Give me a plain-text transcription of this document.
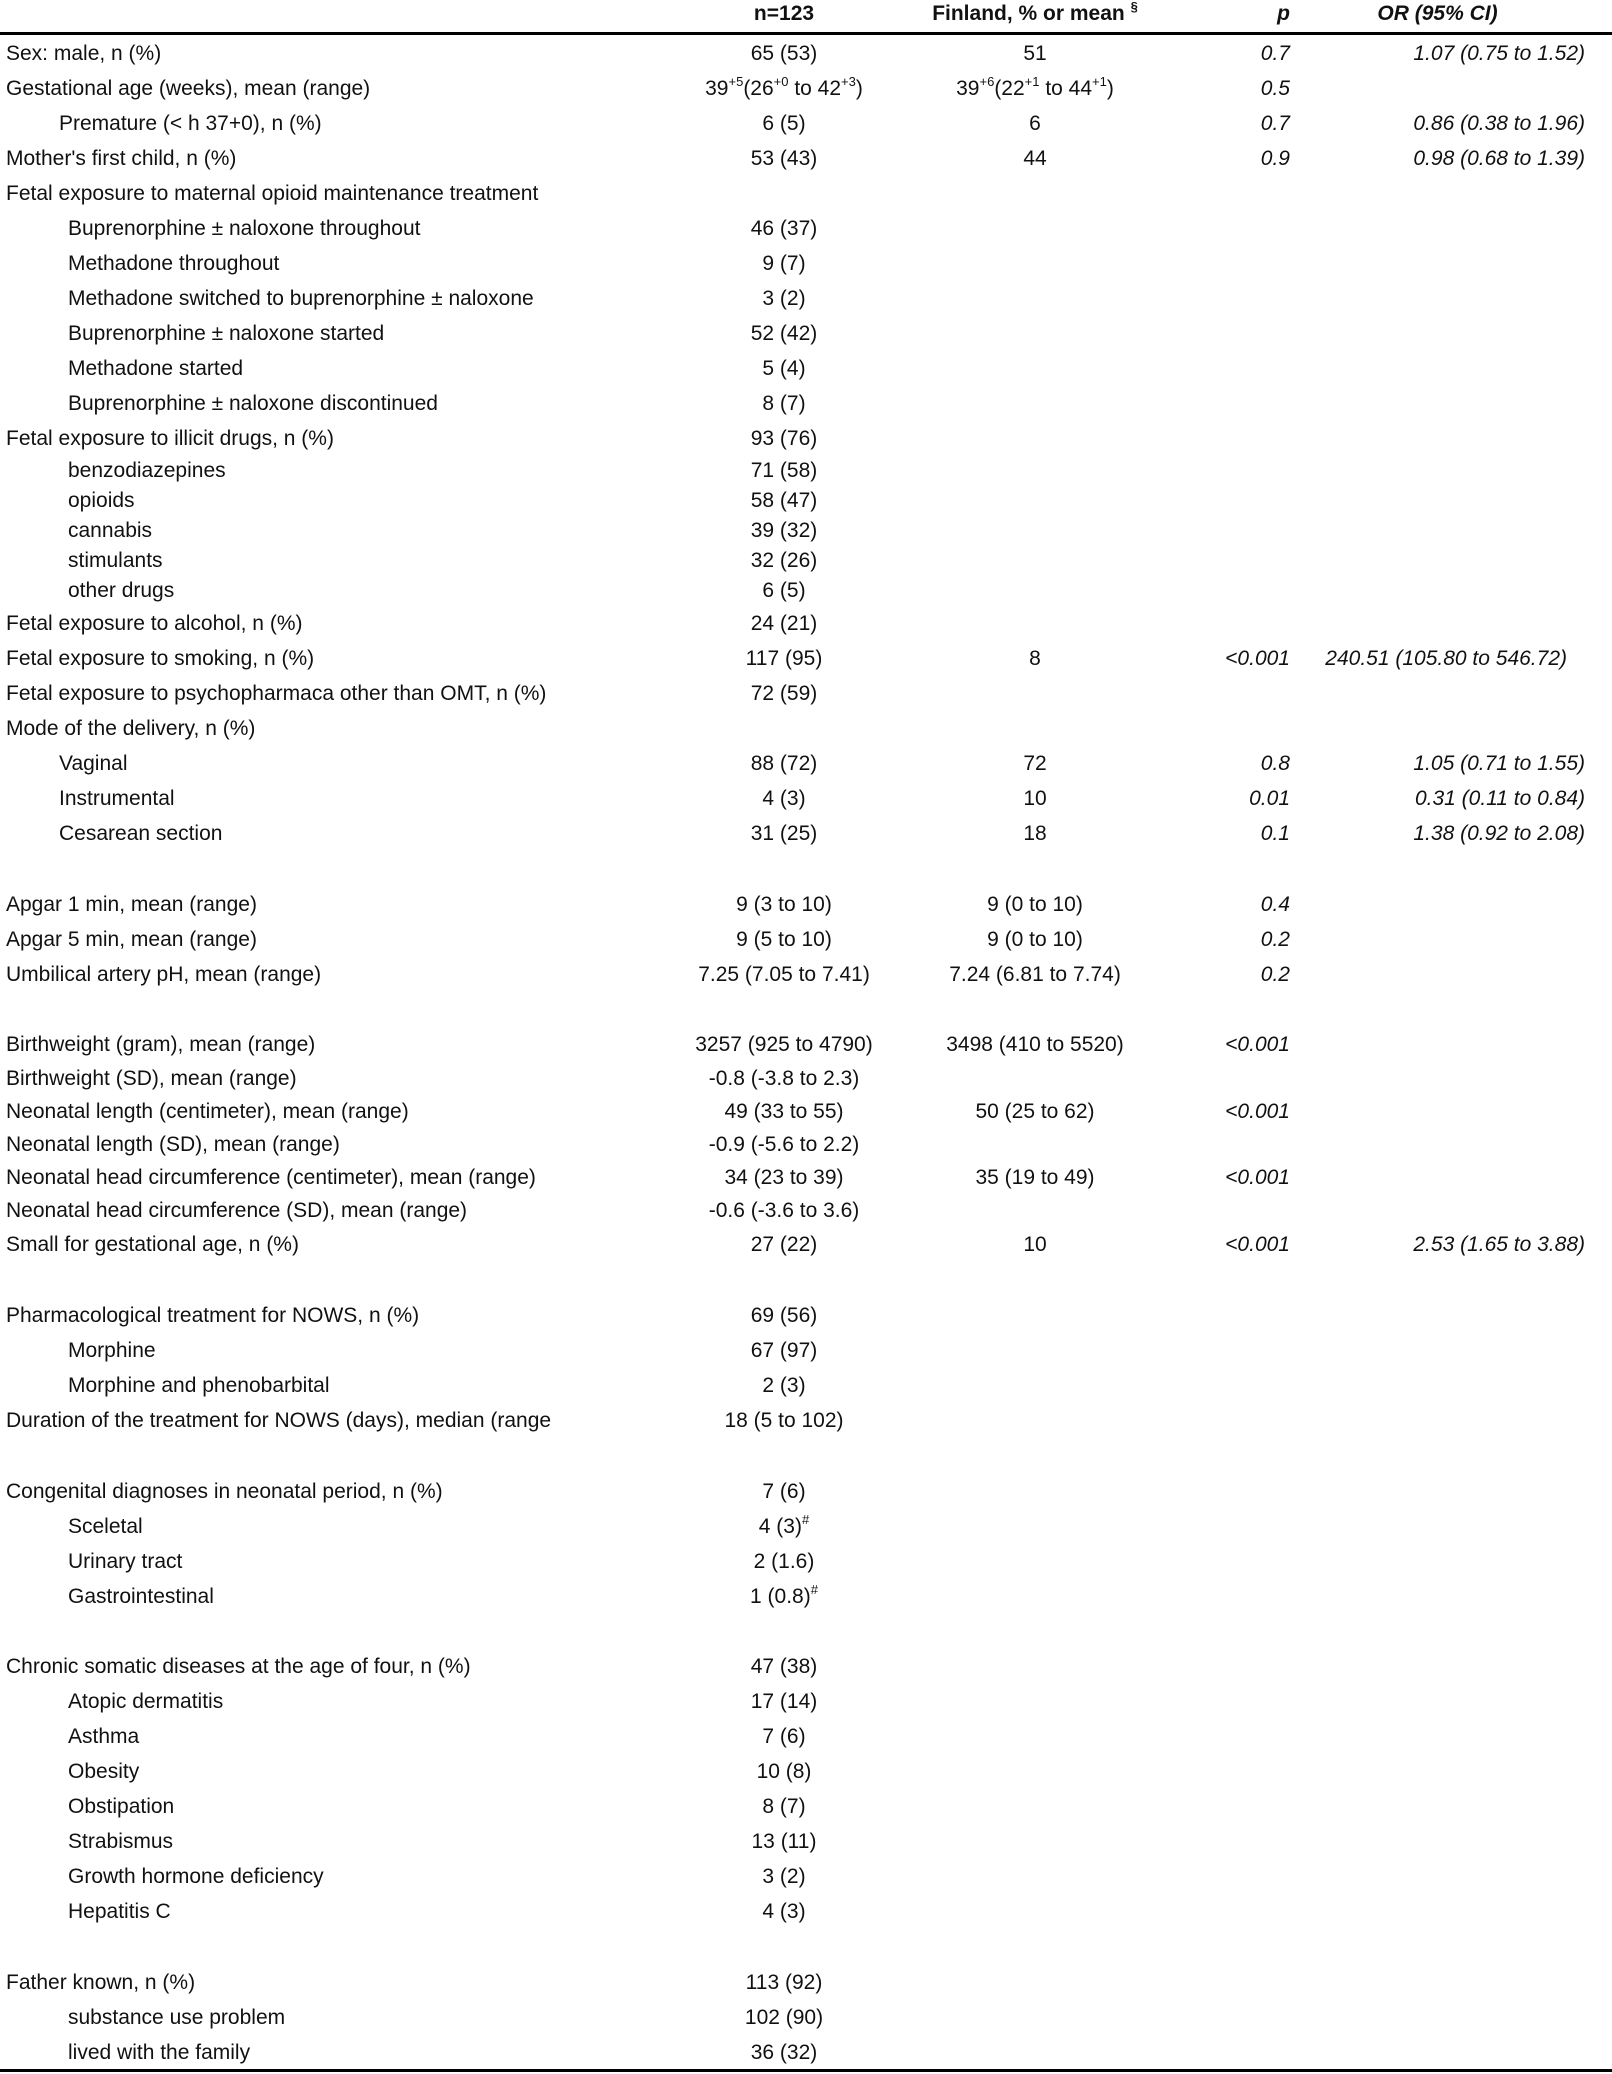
n=123	Finland, % or mean §	p	OR (95% CI)
Sex: male, n (%)	65 (53)	51	0.7	1.07 (0.75 to 1.52)
Gestational age (weeks), mean (range)	$39^{+5}(26^{+0}$ to $42^{+3}$)	$39^{+6}(22^{+1}$ to $44^{+1}$)	0.5
Premature (< h 37+0), n (%)	6 (5)	6	0.7	0.86 (0.38 to 1.96)
Mother's first child, n (%)	53 (43)	44	0.9	0.98 (0.68 to 1.39)
Fetal exposure to maternal opioid maintenance treatment
Buprenorphine ± naloxone throughout	46 (37)
Methadone throughout	9 (7)
Methadone switched to buprenorphine ± naloxone	3 (2)
Buprenorphine ± naloxone started	52 (42)
Methadone started	5 (4)
Buprenorphine ± naloxone discontinued	8 (7)
Fetal exposure to illicit drugs, n (%)	93 (76)
benzodiazepines	71 (58)
opioids	58 (47)
cannabis	39 (32)
stimulants	32 (26)
other drugs	6 (5)
Fetal exposure to alcohol, n (%)	24 (21)
Fetal exposure to smoking, n (%)	117 (95)	8	<0.001	240.51 (105.80 to 546.72)
Fetal exposure to psychopharmaca other than OMT, n (%)	72 (59)
Mode of the delivery, n (%)
Vaginal	88 (72)	72	0.8	1.05 (0.71 to 1.55)
Instrumental	4 (3)	10	0.01	0.31 (0.11 to 0.84)
Cesarean section	31 (25)	18	0.1	1.38 (0.92 to 2.08)
Apgar 1 min, mean (range)	9 (3 to 10)	9 (0 to 10)	0.4
Apgar 5 min, mean (range)	9 (5 to 10)	9 (0 to 10)	0.2
Umbilical artery pH, mean (range)	7.25 (7.05 to 7.41)	7.24 (6.81 to 7.74)	0.2
Birthweight (gram), mean (range)	3257 (925 to 4790)	3498 (410 to 5520)	<0.001
Birthweight (SD), mean (range)	-0.8 (-3.8 to 2.3)
Neonatal length (centimeter), mean (range)	49 (33 to 55)	50 (25 to 62)	<0.001
Neonatal length (SD), mean (range)	-0.9 (-5.6 to 2.2)
Neonatal head circumference (centimeter), mean (range)	34 (23 to 39)	35 (19 to 49)	<0.001
Neonatal head circumference (SD), mean (range)	-0.6 (-3.6 to 3.6)
Small for gestational age, n (%)	27 (22)	10	<0.001	2.53 (1.65 to 3.88)
Pharmacological treatment for NOWS, n (%)	69 (56)
Morphine	67 (97)
Morphine and phenobarbital	2 (3)
Duration of the treatment for NOWS (days), median (range	18 (5 to 102)
Congenital diagnoses in neonatal period, n (%)	7 (6)
Sceletal	4 (3)#
Urinary tract	2 (1.6)
Gastrointestinal	1 (0.8)#
Chronic somatic diseases at the age of four, n (%)	47 (38)
Atopic dermatitis	17 (14)
Asthma	7 (6)
Obesity	10 (8)
Obstipation	8 (7)
Strabismus	13 (11)
Growth hormone deficiency	3 (2)
Hepatitis C	4 (3)
Father known, n (%)	113 (92)
substance use problem	102 (90)
lived with the family	36 (32)
